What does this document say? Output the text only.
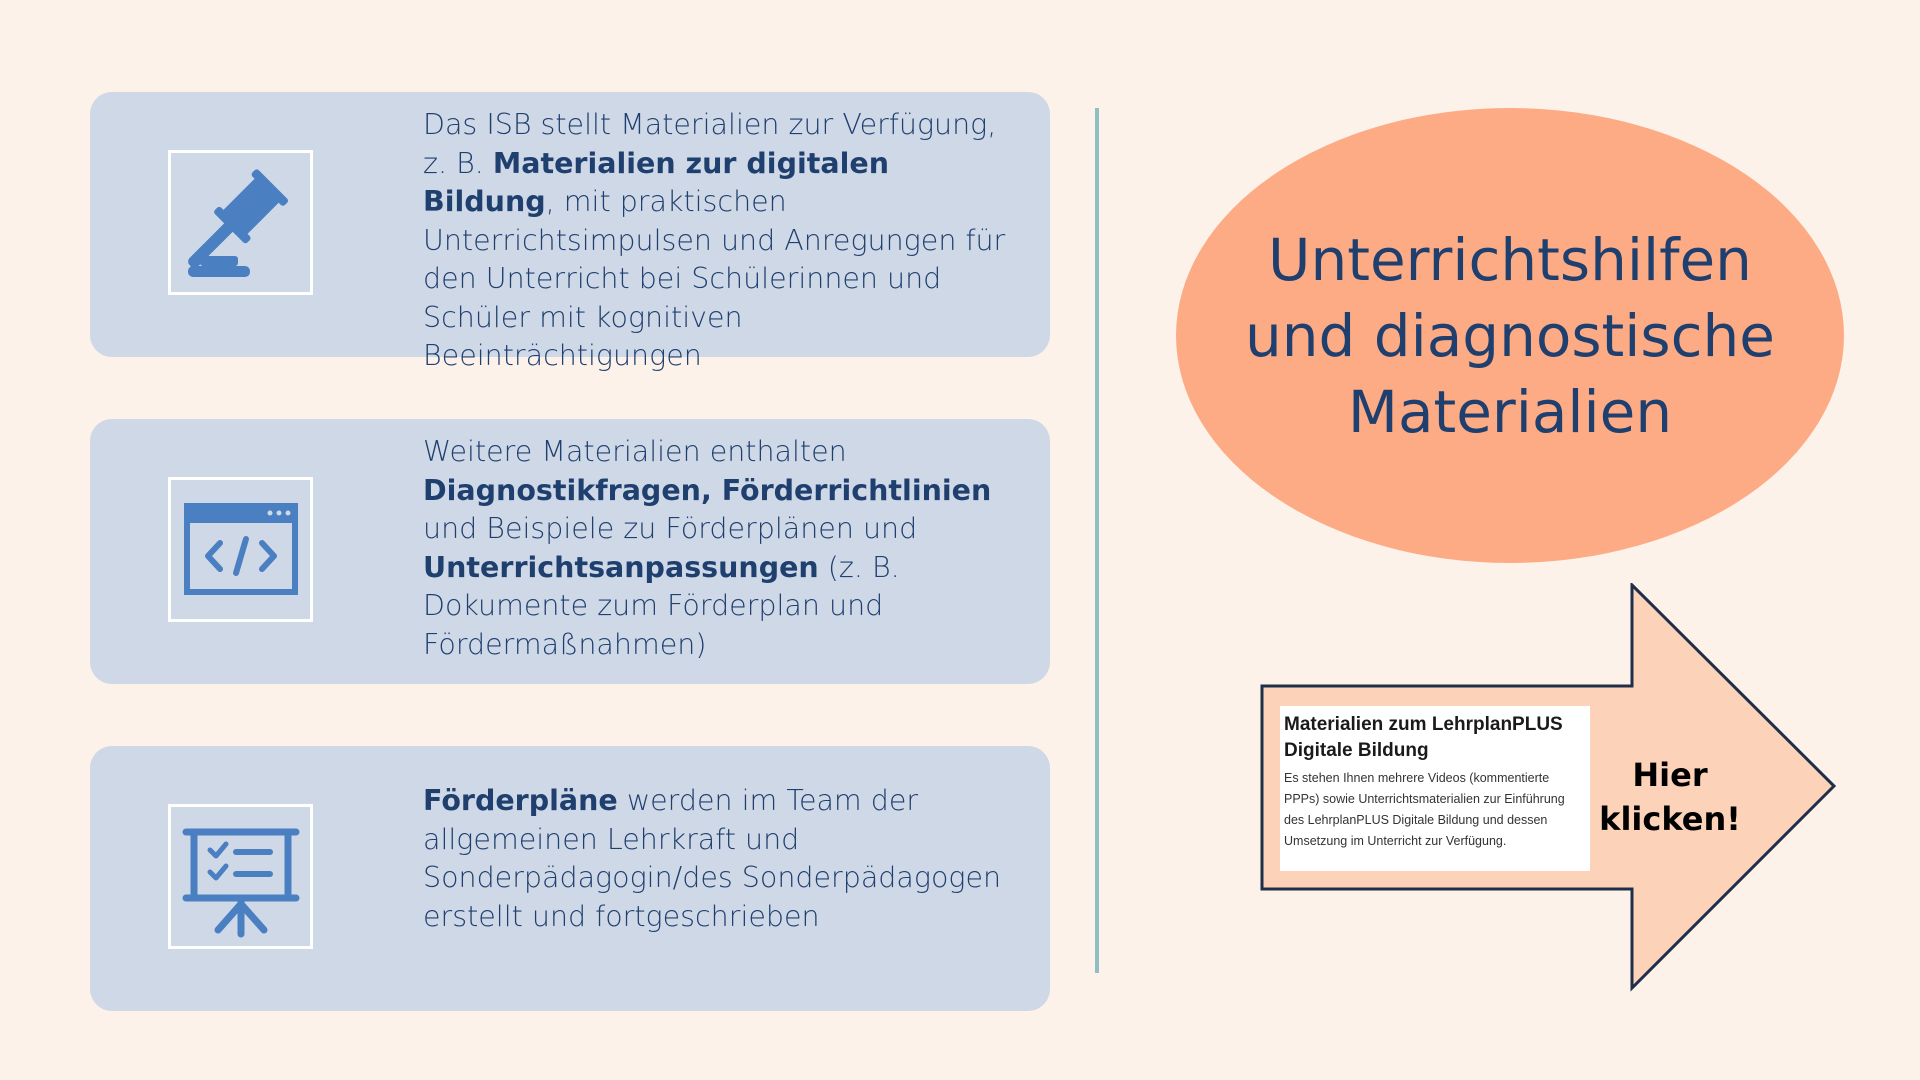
Das ISB stellt Materialien zur Verfügung, z. B. Materialien zur digitalen Bildung, mit praktischen Unterrichtsimpulsen und Anregungen für den Unterricht bei Schülerinnen und Schüler mit kognitiven Beeinträchtigungen
Weitere Materialien enthalten Diagnostikfragen, Förderrichtlinien und Beispiele zu Förderplänen und Unterrichtsanpassungen (z. B. Dokumente zum Förderplan und Fördermaßnahmen)
Förderpläne werden im Team der allgemeinen Lehrkraft und Sonderpädagogin/des Sonderpädagogen erstellt und fortgeschrieben
Unterrichtshilfen
und diagnostische
Materialien
Materialien zum LehrplanPLUS Digitale Bildung
Es stehen Ihnen mehrere Videos (kommentierte PPPs) sowie Unterrichtsmaterialien zur Einführung des LehrplanPLUS Digitale Bildung und dessen Umsetzung im Unterricht zur Verfügung.
Hier klicken!
